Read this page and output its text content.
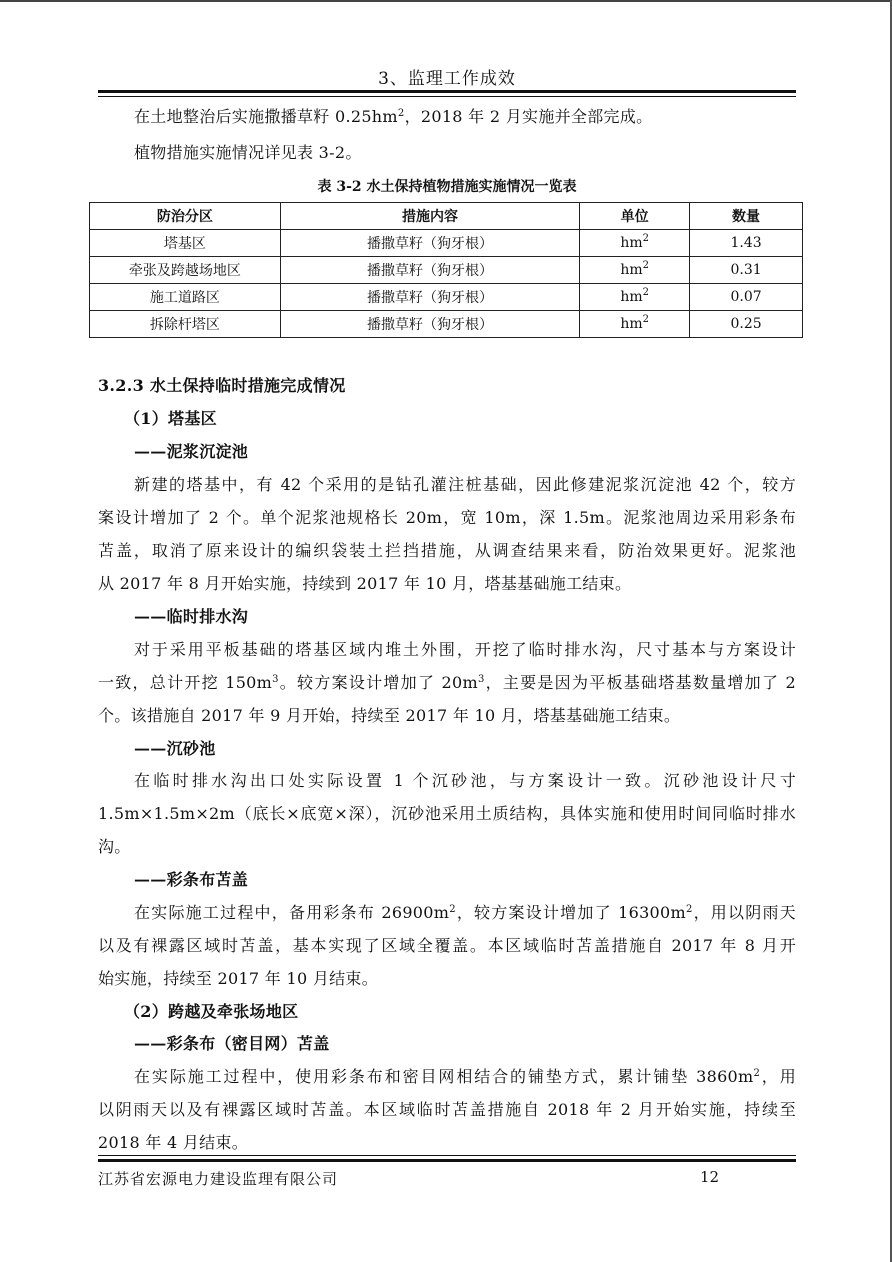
3、监理工作成效
在土地整治后实施撒播草籽 $0.25hm^2$，2018 年 2 月实施并全部完成。
植物措施实施情况详见表 3-2。
表 3-2 水土保持植物措施实施情况一览表
防治分区	措施内容	单位	数量
塔基区	播撒草籽（狗牙根）	$hm^2$	1.43
牵张及跨越场地区	播撒草籽（狗牙根）	$hm^2$	0.31
施工道路区	播撒草籽（狗牙根）	$hm^2$	0.07
拆除杆塔区	播撒草籽（狗牙根）	$hm^2$	0.25
3.2.3 水土保持临时措施完成情况
（1）塔基区
——泥浆沉淀池
新建的塔基中，有 42 个采用的是钻孔灌注桩基础，因此修建泥浆沉淀池 42 个，较方
案设计增加了 2 个。单个泥浆池规格长 20m，宽 10m，深 1.5m。泥浆池周边采用彩条布
苫盖，取消了原来设计的编织袋装土拦挡措施，从调查结果来看，防治效果更好。泥浆池
从 2017 年 8 月开始实施，持续到 2017 年 10 月，塔基基础施工结束。
——临时排水沟
对于采用平板基础的塔基区域内堆土外围，开挖了临时排水沟，尺寸基本与方案设计
一致，总计开挖 $150m^3$。较方案设计增加了 $20m^3$，主要是因为平板基础塔基数量增加了 2
个。该措施自 2017 年 9 月开始，持续至 2017 年 10 月，塔基基础施工结束。
——沉砂池
在临时排水沟出口处实际设置 1 个沉砂池，与方案设计一致。沉砂池设计尺寸
1.5m×1.5m×2m（底长×底宽×深），沉砂池采用土质结构，具体实施和使用时间同临时排水
沟。
——彩条布苫盖
在实际施工过程中，备用彩条布 $26900m^2$，较方案设计增加了 $16300m^2$，用以阴雨天
以及有裸露区域时苫盖，基本实现了区域全覆盖。本区域临时苫盖措施自 2017 年 8 月开
始实施，持续至 2017 年 10 月结束。
（2）跨越及牵张场地区
——彩条布（密目网）苫盖
在实际施工过程中，使用彩条布和密目网相结合的铺垫方式，累计铺垫 $3860m^2$，用
以阴雨天以及有裸露区域时苫盖。本区域临时苫盖措施自 2018 年 2 月开始实施，持续至
2018 年 4 月结束。
江苏省宏源电力建设监理有限公司	12
